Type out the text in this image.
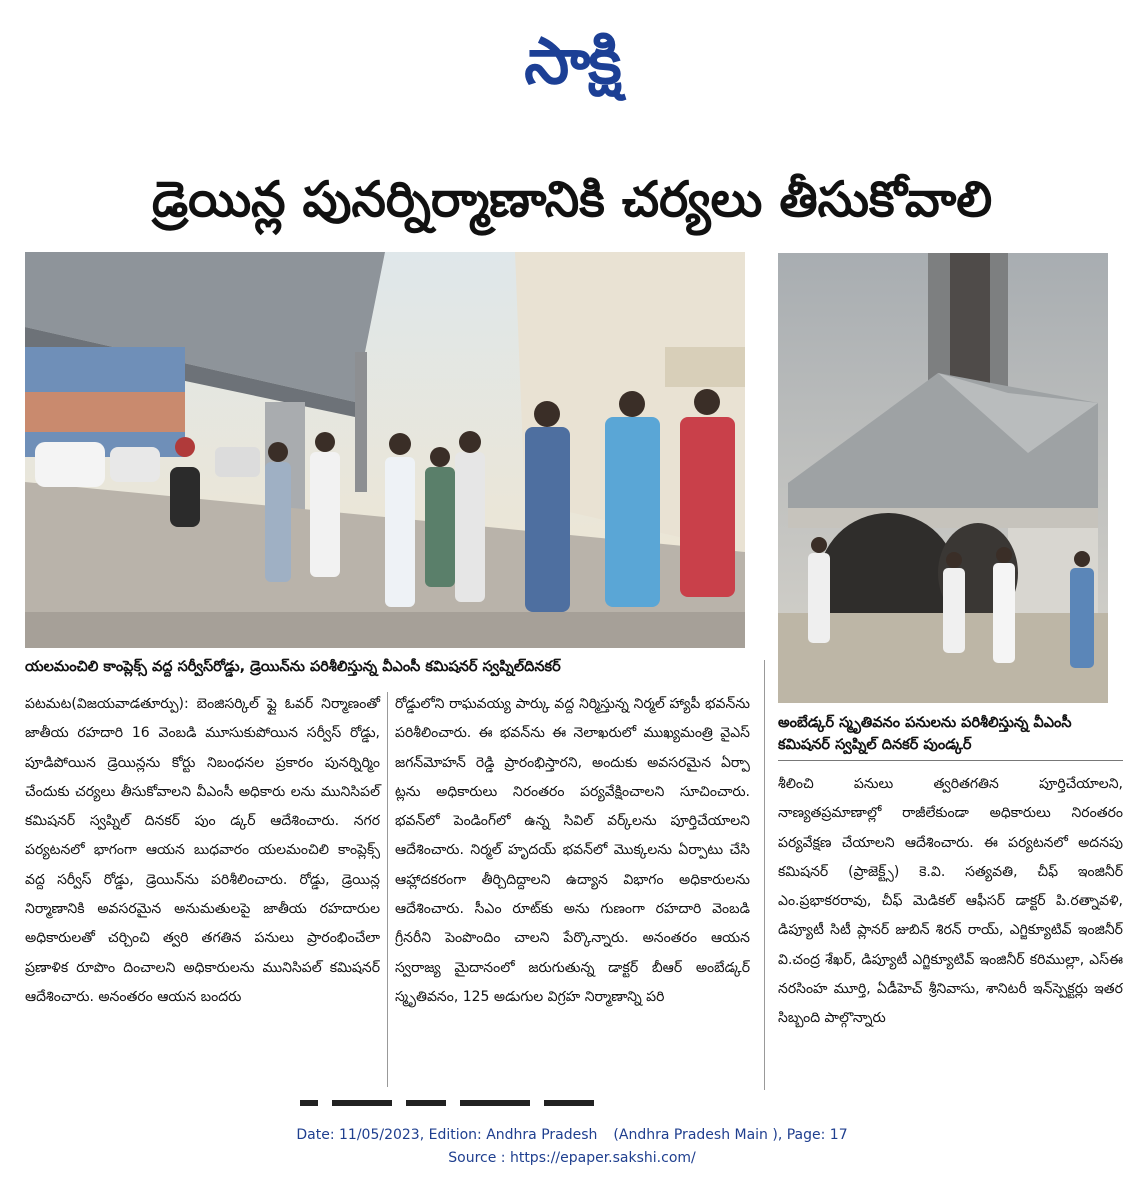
సాక్షి
డ్రెయిన్ల పునర్నిర్మాణానికి చర్యలు తీసుకోవాలి
యలమంచిలి కాంప్లెక్స్‌ వద్ద సర్వీస్‌రోడ్డు, డ్రెయిన్‌ను పరిశీలిస్తున్న వీఎంసీ కమిషనర్‌ స్వప్నిల్‌దినకర్‌
అంబేడ్కర్‌ స్మృతివనం పనులను పరిశీలిస్తున్న వీఎంసీ కమిషనర్‌ స్వప్నిల్‌ దినకర్‌ పుండ్కర్‌
పటమట(విజయవాడతూర్పు): బెంజిసర్కిల్‌ ఫ్లై ఓవర్‌ నిర్మాణంతో జాతీయ రహదారి 16 వెంబడి మూసుకుపోయిన సర్వీస్‌ రోడ్డు, పూడిపోయిన డ్రెయిన్లను కోర్టు నిబంధనల ప్రకారం పునర్నిర్మిం చేందుకు చర్యలు తీసుకోవాలని వీఎంసీ అధికారు లను మునిసిపల్‌ కమిషనర్‌ స్వప్నిల్‌ దినకర్‌ పుం డ్కర్‌ ఆదేశించారు. నగర పర్యటనలో భాగంగా ఆయన బుధవారం యలమంచిలి కాంప్లెక్స్‌ వద్ద సర్వీస్‌ రోడ్డు, డ్రెయిన్‌ను పరిశీలించారు. రోడ్డు, డ్రెయిన్ల నిర్మాణానికి అవసరమైన అనుమతులపై జాతీయ రహదారుల అధికారులతో చర్చించి త్వరి తగతిన పనులు ప్రారంభించేలా ప్రణాళిక రూపొం దించాలని అధికారులను మునిసిపల్‌ కమిషనర్‌ ఆదేశించారు. అనంతరం ఆయన బందరు
రోడ్డులోని రాఘవయ్య పార్కు వద్ద నిర్మిస్తున్న నిర్మల్‌ హ్యాపీ భవన్‌ను పరిశీలించారు. ఈ భవన్‌ను ఈ నెలాఖరులో ముఖ్యమంత్రి వైఎస్‌ జగన్‌మోహన్‌ రెడ్డి ప్రారంభిస్తారని, అందుకు అవసరమైన ఏర్పా ట్లను అధికారులు నిరంతరం పర్యవేక్షించాలని సూచించారు. భవన్‌లో పెండింగ్‌లో ఉన్న సివిల్‌ వర్క్‌లను పూర్తిచేయాలని ఆదేశించారు. నిర్మల్‌ హృదయ్‌ భవన్‌లో మొక్కలను ఏర్పాటు చేసి ఆహ్లాదకరంగా తీర్చిదిద్దాలని ఉద్యాన విభాగం అధికారులను ఆదేశించారు. సీఎం రూట్‌కు అను గుణంగా రహదారి వెంబడి గ్రీనరీని పెంపొందిం చాలని పేర్కొన్నారు. అనంతరం ఆయన స్వరాజ్య మైదానంలో జరుగుతున్న డాక్టర్‌ బీఆర్‌ అంబేడ్కర్‌ స్మృతివనం, 125 అడుగుల విగ్రహ నిర్మాణాన్ని పరి
శీలించి పనులు త్వరితగతిన పూర్తిచేయాలని, నాణ్యతప్రమాణాల్లో రాజీలేకుండా అధికారులు నిరంతరం పర్యవేక్షణ చేయాలని ఆదేశించారు. ఈ పర్యటనలో అదనపు కమిషనర్‌ (ప్రాజెక్ట్స్‌) కె.వి. సత్యవతి, చీఫ్‌ ఇంజినీర్‌ ఎం.ప్రభాకరరావు, చీఫ్‌ మెడికల్‌ ఆఫీసర్‌ డాక్టర్‌ పి.రత్నావళి, డిప్యూటీ సిటీ ప్లానర్‌ జుబిన్‌ శిరన్‌ రాయ్‌, ఎగ్జిక్యూటివ్‌ ఇంజినీర్‌ వి.చంద్ర శేఖర్‌, డిప్యూటీ ఎగ్జిక్యూటివ్‌ ఇంజినీర్‌ కరిముల్లా, ఎస్‌ఈ నరసింహ మూర్తి, ఏడీహెచ్‌ శ్రీనివాసు, శానిటరీ ఇన్‌స్పెక్టర్లు ఇతర సిబ్బంది పాల్గొన్నారు
Date: 11/05/2023, Edition: Andhra Pradesh (Andhra Pradesh Main ), Page: 17
Source : https://epaper.sakshi.com/
